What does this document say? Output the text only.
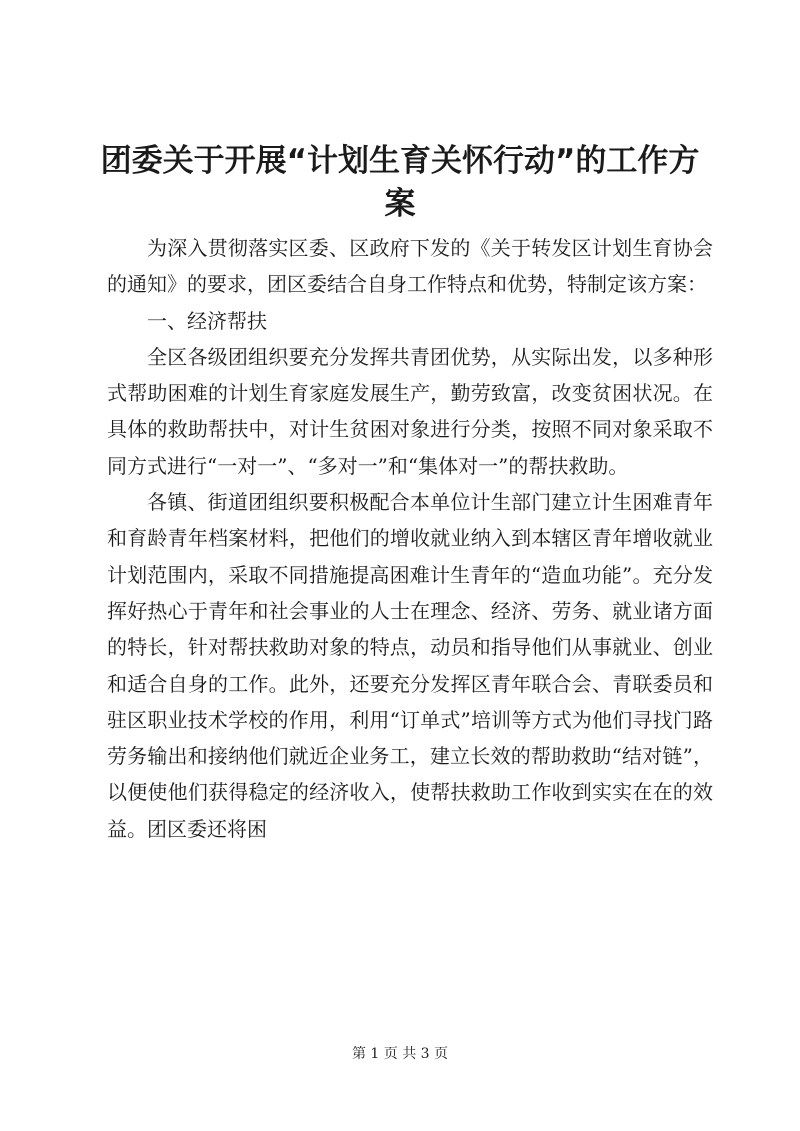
团委关于开展“计划生育关怀行动”的工作方案

为深入贯彻落实区委、区政府下发的《关于转发区计划生育协会的通知》的要求，团区委结合自身工作特点和优势，特制定该方案：

一、经济帮扶

全区各级团组织要充分发挥共青团优势，从实际出发，以多种形式帮助困难的计划生育家庭发展生产，勤劳致富，改变贫困状况。在具体的救助帮扶中，对计生贫困对象进行分类，按照不同对象采取不同方式进行“一对一”、“多对一”和“集体对一”的帮扶救助。

各镇、街道团组织要积极配合本单位计生部门建立计生困难青年和育龄青年档案材料，把他们的增收就业纳入到本辖区青年增收就业计划范围内，采取不同措施提高困难计生青年的“造血功能”。充分发挥好热心于青年和社会事业的人士在理念、经济、劳务、就业诸方面的特长，针对帮扶救助对象的特点，动员和指导他们从事就业、创业和适合自身的工作。此外，还要充分发挥区青年联合会、青联委员和驻区职业技术学校的作用，利用“订单式”培训等方式为他们寻找门路劳务输出和接纳他们就近企业务工，建立长效的帮助救助“结对链”，以便使他们获得稳定的经济收入，使帮扶救助工作收到实实在在的效益。团区委还将困

第 1 页 共 3 页
